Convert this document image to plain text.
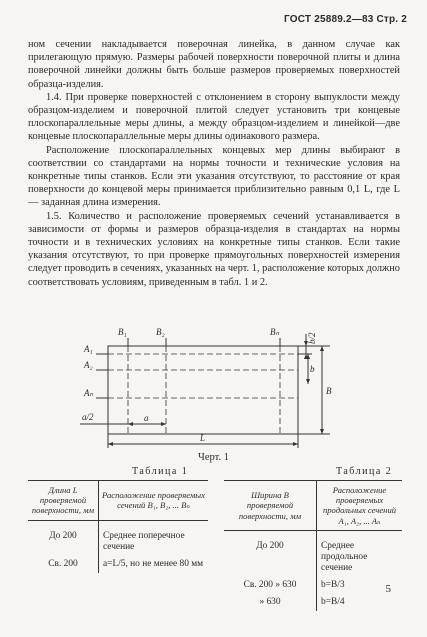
ГОСТ 25889.2—83 Стр. 2

ном сечении накладывается поверочная линейка, в данном случае как прилегающую прямую. Размеры рабочей поверхности поверочной плиты и длина поверочной линейки должны быть больше размеров проверяемых поверхностей образца-изделия.

1.4. При проверке поверхностей с отклонением в сторону выпуклости между образцом-изделием и поверочной плитой следует установить три концевые плоскопараллельные меры длины, а между образцом-изделием и линейкой—две концевые плоскопараллельные меры длины одинакового размера.

Расположение плоскопараллельных концевых мер длины выбирают в соответствии со стандартами на нормы точности и технические условия на конкретные типы станков. Если эти указания отсутствуют, то расстояние от края поверхности до концевой меры принимается приблизительно равным 0,1 L, где L — заданная длина измерения.

1.5. Количество и расположение проверяемых сечений устанавливается в зависимости от формы и размеров образца-изделия в стандартах на нормы точности и в технических условиях на конкретные типы станков. Если такие указания отсутствуют, то при проверке прямоугольных поверхностей измерения следует проводить в сечениях, указанных на черт. 1, расположение которых должно соответствовать условиям, приведенным в табл. 1 и 2.

B₁	B₂	Bₙ
A₁
A₂
Aₙ
b/2
b
B
a/2	a
L
Черт. 1
Таблица 1	Таблица 2
Длина L проверяемой поверхности, мм	Расположение проверяемых сечений B₁, B₂, ... Bₙ
До 200	Среднее поперечное сечение
Св. 200	a=L/5, но не менее 80 мм
Ширина B проверяемой поверхности, мм	Расположение проверяемых продольных сечений A₁, A₂, ... Aₙ
До 200	Среднее продольное сечение
Св. 200 » 630	b=B/3
» 630	b=B/4
5
